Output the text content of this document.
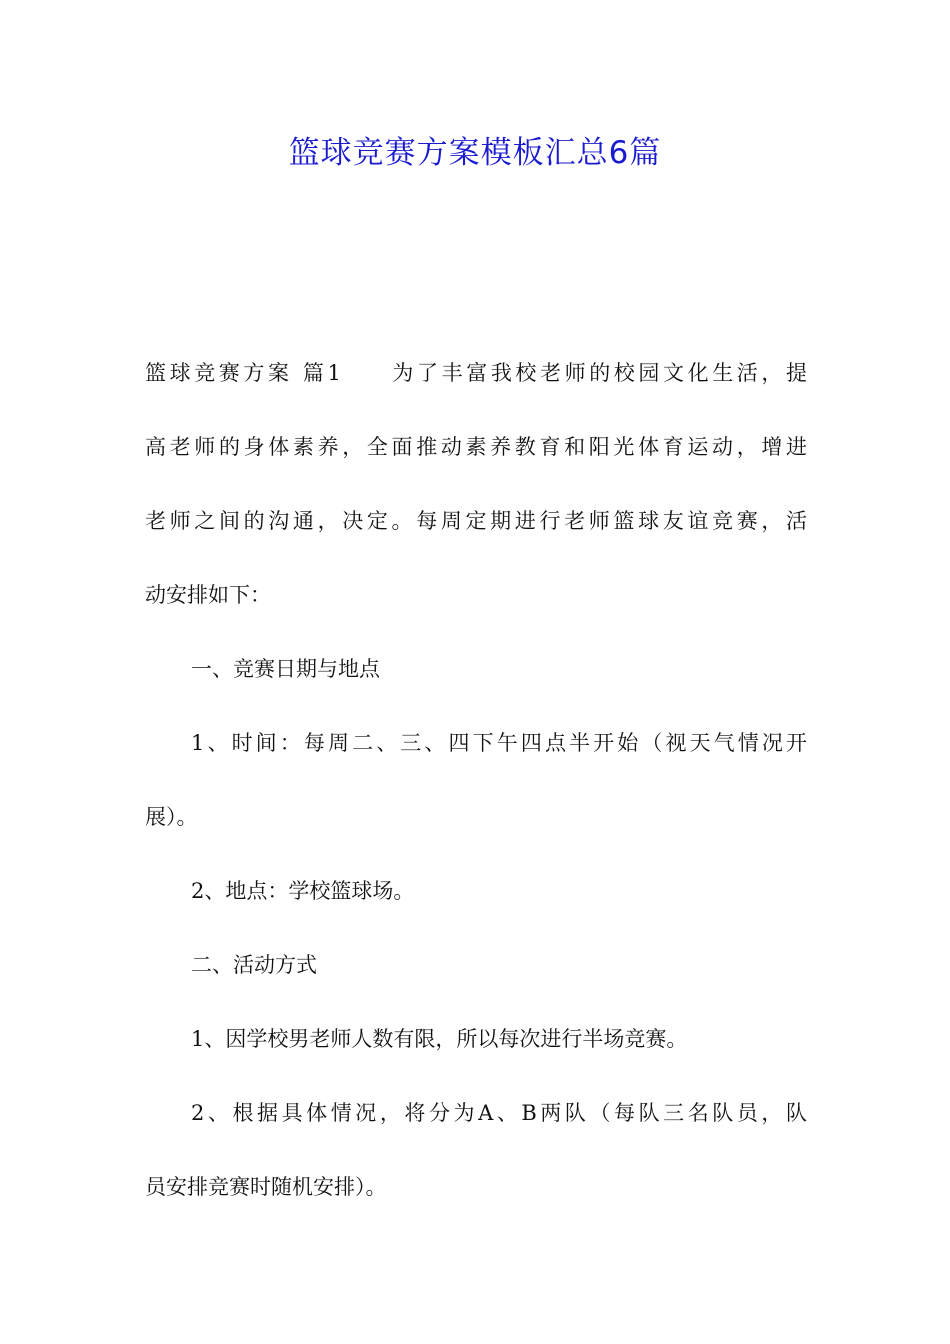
篮球竞赛方案模板汇总6篇
篮球竞赛方案 篇1 为了丰富我校老师的校园文化生活，提
高老师的身体素养，全面推动素养教育和阳光体育运动，增进
老师之间的沟通，决定。每周定期进行老师篮球友谊竞赛，活
动安排如下：
一、竞赛日期与地点
1、时间：每周二、三、四下午四点半开始（视天气情况开
展）。
2、地点：学校篮球场。
二、活动方式
1、因学校男老师人数有限，所以每次进行半场竞赛。
2、根据具体情况，将分为A、B两队（每队三名队员，队
员安排竞赛时随机安排）。
